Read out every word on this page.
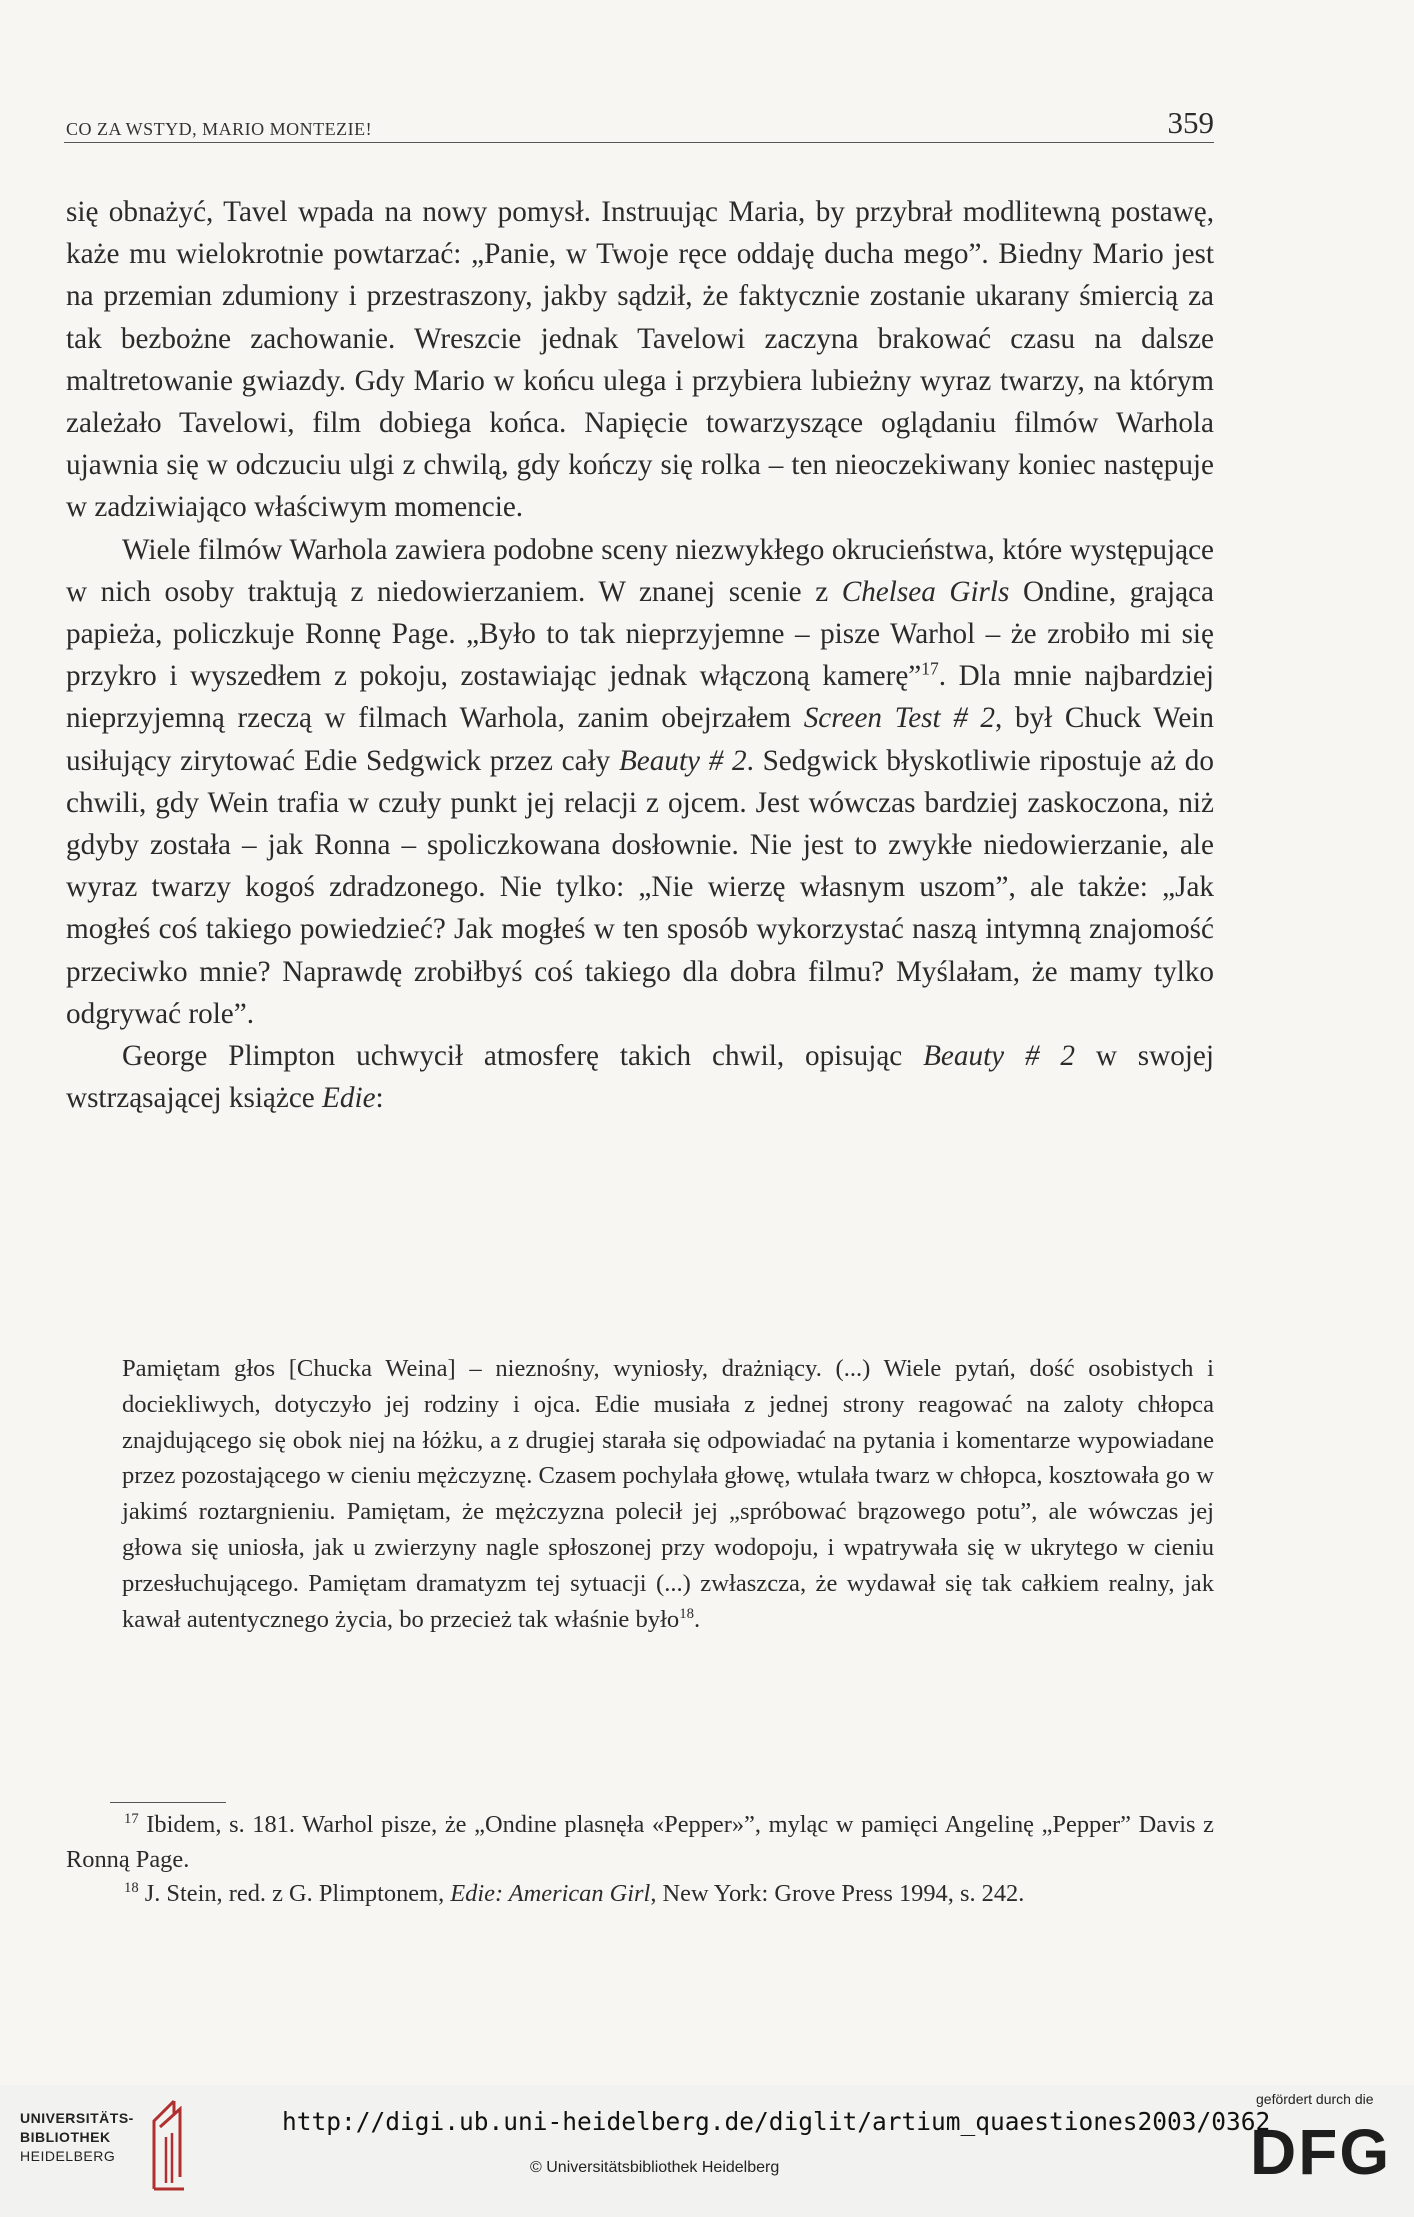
CO ZA WSTYD, MARIO MONTEZIE!	359

się obnażyć, Tavel wpada na nowy pomysł. Instruując Maria, by przybrał modlitewną postawę, każe mu wielokrotnie powtarzać: „Panie, w Twoje ręce oddaję ducha mego”. Biedny Mario jest na przemian zdumiony i przestraszony, jakby sądził, że faktycznie zostanie ukarany śmiercią za tak bezbożne zachowanie. Wreszcie jednak Tavelowi zaczyna brakować czasu na dalsze maltretowanie gwiazdy. Gdy Mario w końcu ulega i przybiera lubieżny wyraz twarzy, na którym zależało Tavelowi, film dobiega końca. Napięcie towarzyszące oglądaniu filmów Warhola ujawnia się w odczuciu ulgi z chwilą, gdy kończy się rolka – ten nieoczekiwany koniec następuje w zadziwiająco właściwym momencie.

Wiele filmów Warhola zawiera podobne sceny niezwykłego okrucieństwa, które występujące w nich osoby traktują z niedowierzaniem. W znanej scenie z Chelsea Girls Ondine, grająca papieża, policzkuje Ronnę Page. „Było to tak nieprzyjemne – pisze Warhol – że zrobiło mi się przykro i wyszedłem z pokoju, zostawiając jednak włączoną kamerę”$^{17}$. Dla mnie najbardziej nieprzyjemną rzeczą w filmach Warhola, zanim obejrzałem Screen Test # 2, był Chuck Wein usiłujący zirytować Edie Sedgwick przez cały Beauty # 2. Sedgwick błyskotliwie ripostuje aż do chwili, gdy Wein trafia w czuły punkt jej relacji z ojcem. Jest wówczas bardziej zaskoczona, niż gdyby została – jak Ronna – spoliczkowana dosłownie. Nie jest to zwykłe niedowierzanie, ale wyraz twarzy kogoś zdradzonego. Nie tylko: „Nie wierzę własnym uszom”, ale także: „Jak mogłeś coś takiego powiedzieć? Jak mogłeś w ten sposób wykorzystać naszą intymną znajomość przeciwko mnie? Naprawdę zrobiłbyś coś takiego dla dobra filmu? Myślałam, że mamy tylko odgrywać role”.

George Plimpton uchwycił atmosferę takich chwil, opisując Beauty # 2 w swojej wstrząsającej książce Edie:

Pamiętam głos [Chucka Weina] – nieznośny, wyniosły, drażniący. (...) Wiele pytań, dość osobistych i dociekliwych, dotyczyło jej rodziny i ojca. Edie musiała z jednej strony reagować na zaloty chłopca znajdującego się obok niej na łóżku, a z drugiej starała się odpowiadać na pytania i komentarze wypowiadane przez pozostającego w cieniu mężczyznę. Czasem pochylała głowę, wtulała twarz w chłopca, kosztowała go w jakimś roztargnieniu. Pamiętam, że mężczyzna polecił jej „spróbować brązowego potu”, ale wówczas jej głowa się uniosła, jak u zwierzyny nagle spłoszonej przy wodopoju, i wpatrywała się w ukrytego w cieniu przesłuchującego. Pamiętam dramatyzm tej sytuacji (...) zwłaszcza, że wydawał się tak całkiem realny, jak kawał autentycznego życia, bo przecież tak właśnie było$^{18}$.

$^{17}$ Ibidem, s. 181. Warhol pisze, że „Ondine plasnęła «Pepper»”, myląc w pamięci Angelinę „Pepper” Davis z Ronną Page.

$^{18}$ J. Stein, red. z G. Plimptonem, Edie: American Girl, New York: Grove Press 1994, s. 242.

UNIVERSITÄTS-
BIBLIOTHEK
HEIDELBERG
http://digi.ub.uni-heidelberg.de/diglit/artium_quaestiones2003/0362
© Universitätsbibliothek Heidelberg
gefördert durch die
DFG
